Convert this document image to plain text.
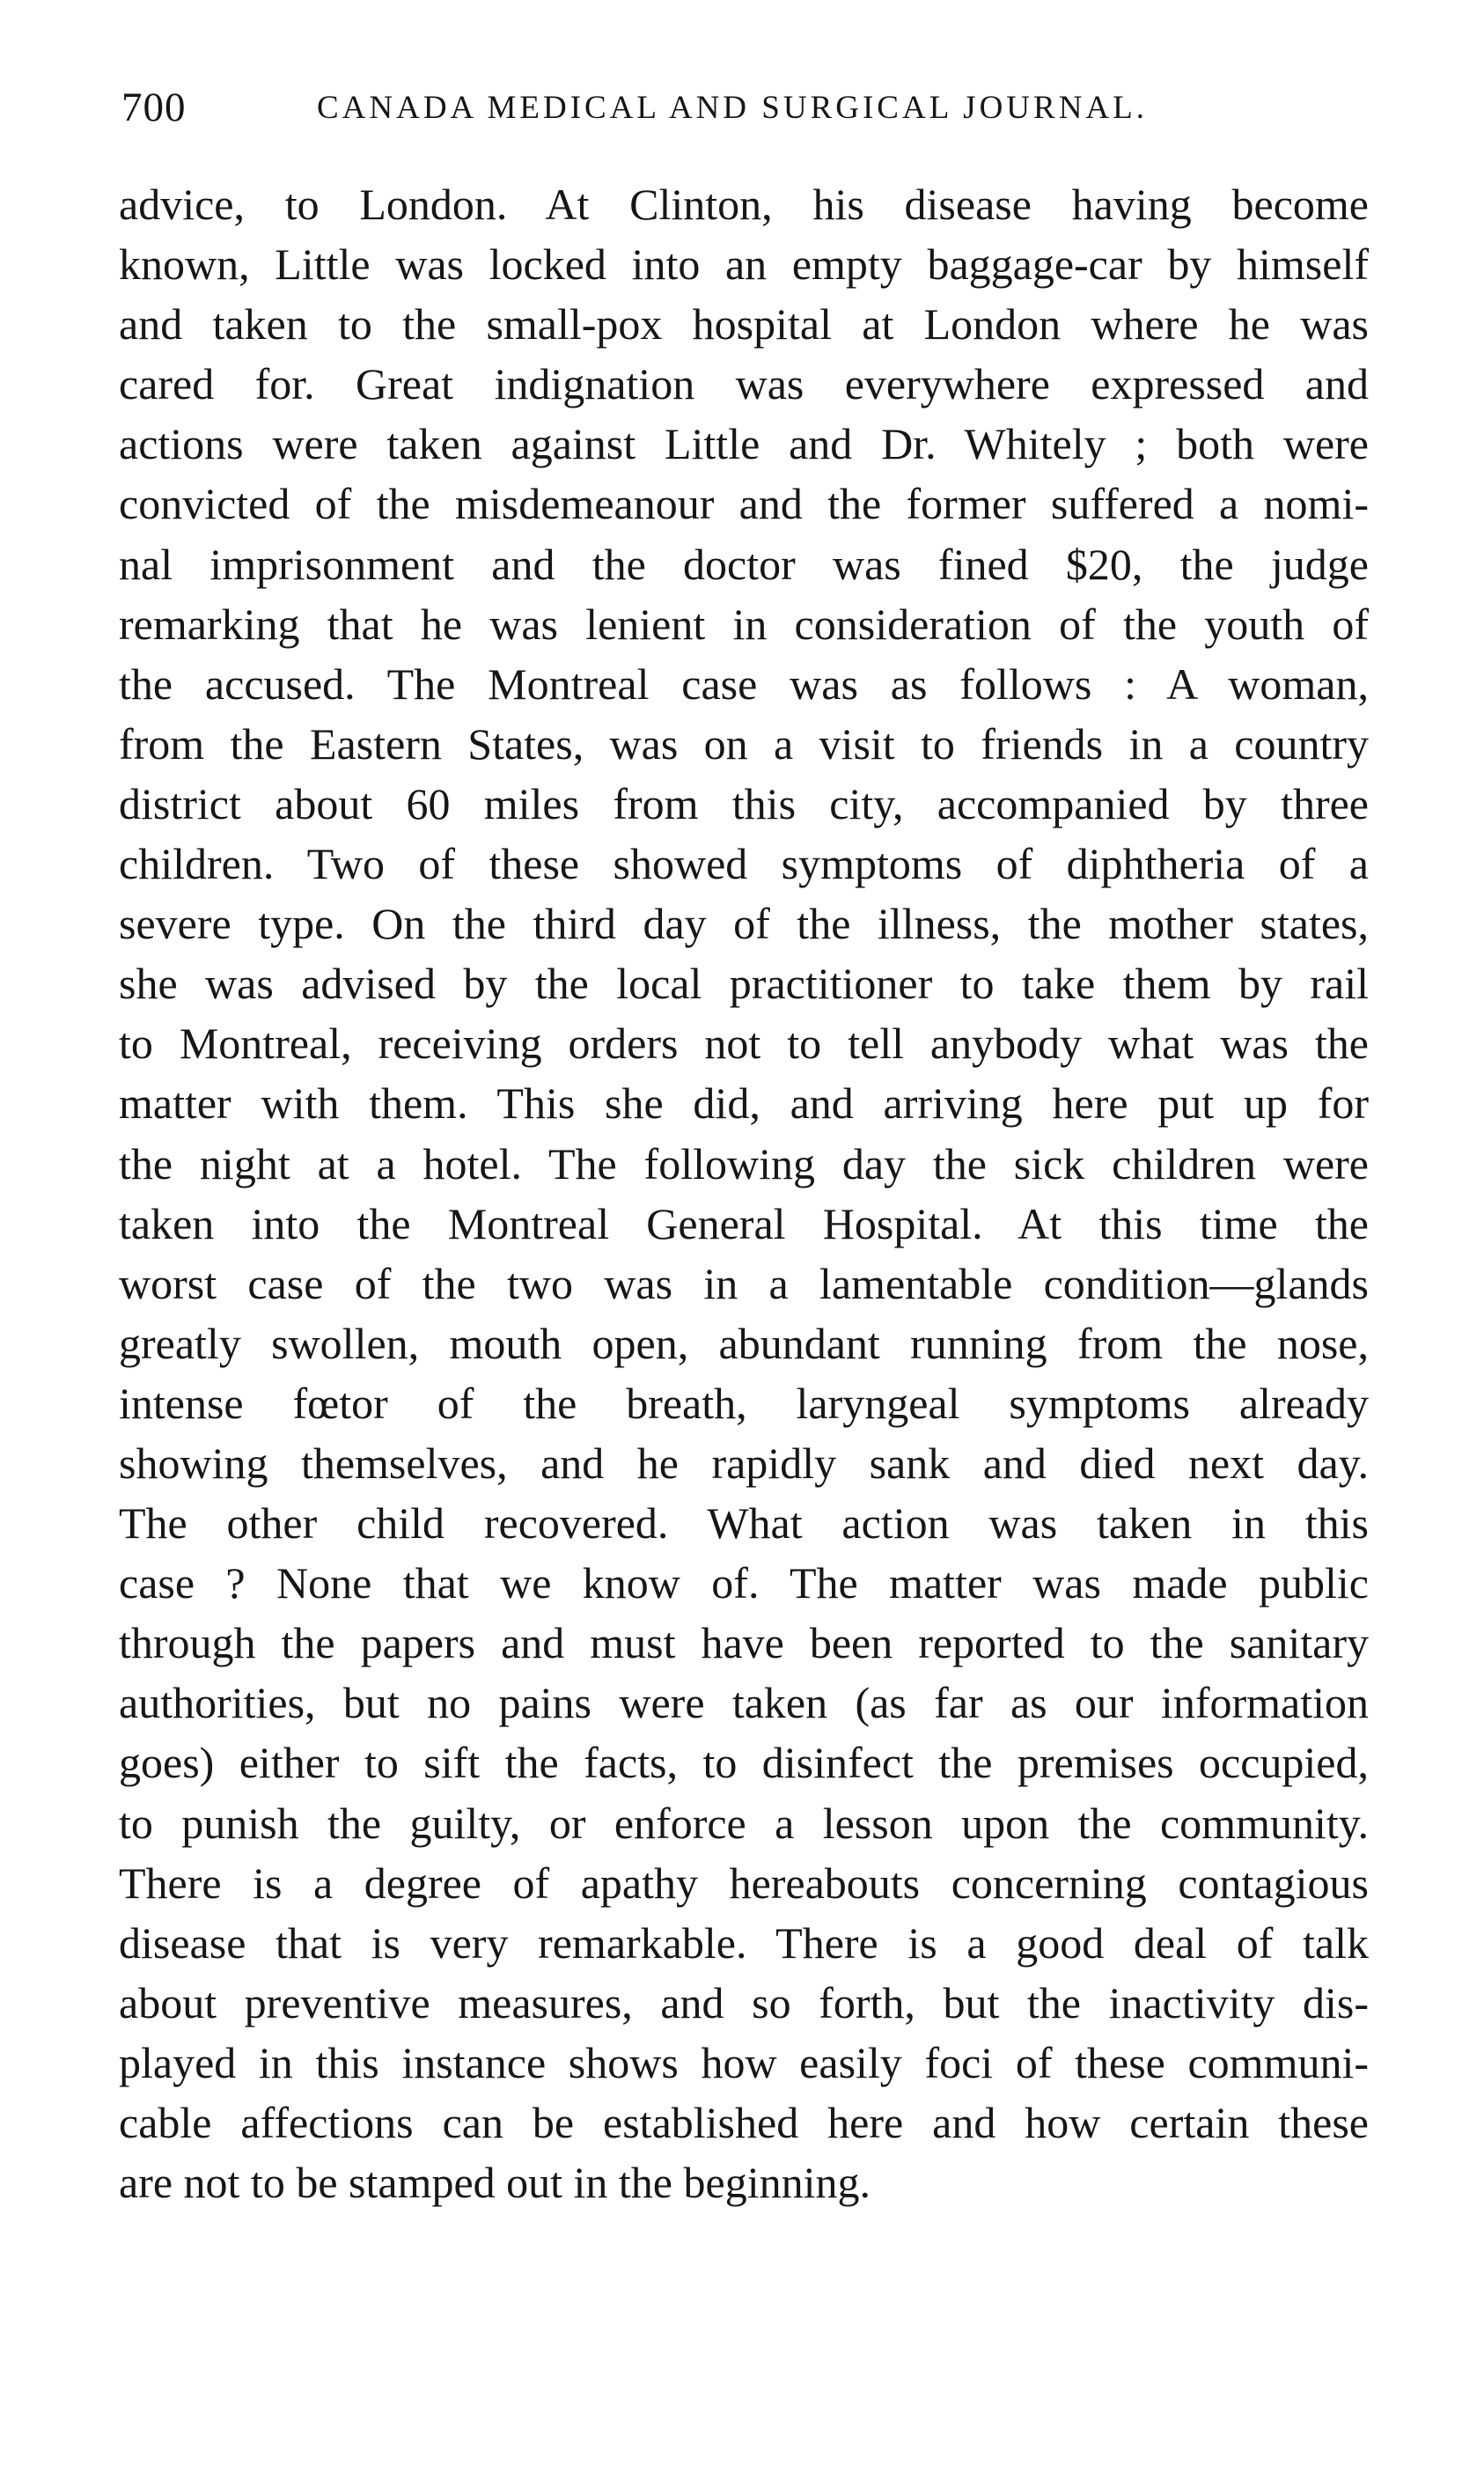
700	CANADA MEDICAL AND SURGICAL JOURNAL.
advice, to London. At Clinton, his disease having become
known, Little was locked into an empty baggage-car by himself
and taken to the small-pox hospital at London where he was
cared for. Great indignation was everywhere expressed and
actions were taken against Little and Dr. Whitely ; both were
convicted of the misdemeanour and the former suffered a nomi-
nal imprisonment and the doctor was fined $20, the judge
remarking that he was lenient in consideration of the youth of
the accused. The Montreal case was as follows : A woman,
from the Eastern States, was on a visit to friends in a country
district about 60 miles from this city, accompanied by three
children. Two of these showed symptoms of diphtheria of a
severe type. On the third day of the illness, the mother states,
she was advised by the local practitioner to take them by rail
to Montreal, receiving orders not to tell anybody what was the
matter with them. This she did, and arriving here put up for
the night at a hotel. The following day the sick children were
taken into the Montreal General Hospital. At this time the
worst case of the two was in a lamentable condition—glands
greatly swollen, mouth open, abundant running from the nose,
intense fœtor of the breath, laryngeal symptoms already
showing themselves, and he rapidly sank and died next day.
The other child recovered. What action was taken in this
case ? None that we know of. The matter was made public
through the papers and must have been reported to the sanitary
authorities, but no pains were taken (as far as our information
goes) either to sift the facts, to disinfect the premises occupied,
to punish the guilty, or enforce a lesson upon the community.
There is a degree of apathy hereabouts concerning contagious
disease that is very remarkable. There is a good deal of talk
about preventive measures, and so forth, but the inactivity dis-
played in this instance shows how easily foci of these communi-
cable affections can be established here and how certain these
are not to be stamped out in the beginning.
